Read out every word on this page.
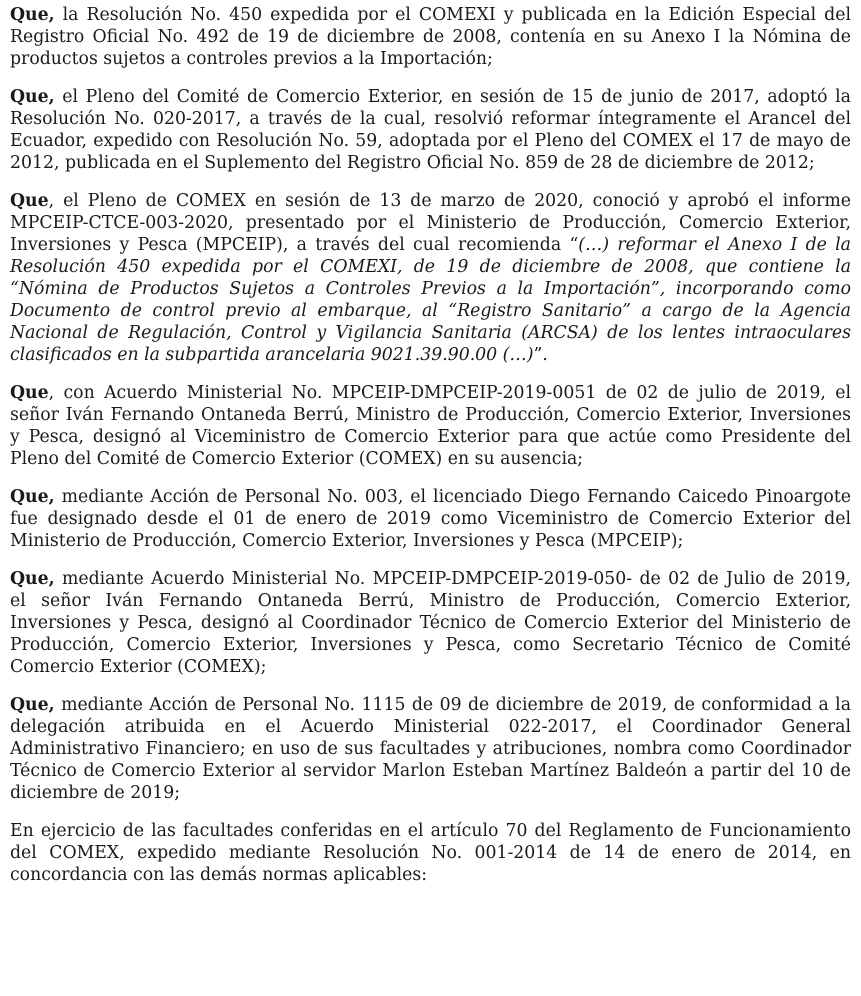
Que, la Resolución No. 450 expedida por el COMEXI y publicada en la Edición Especial del Registro Oficial No. 492 de 19 de diciembre de 2008, contenía en su Anexo I la Nómina de productos sujetos a controles previos a la Importación;

Que, el Pleno del Comité de Comercio Exterior, en sesión de 15 de junio de 2017, adoptó la Resolución No. 020-2017, a través de la cual, resolvió reformar íntegramente el Arancel del Ecuador, expedido con Resolución No. 59, adoptada por el Pleno del COMEX el 17 de mayo de 2012, publicada en el Suplemento del Registro Oficial No. 859 de 28 de diciembre de 2012;

Que, el Pleno de COMEX en sesión de 13 de marzo de 2020, conoció y aprobó el informe MPCEIP-CTCE-003-2020, presentado por el Ministerio de Producción, Comercio Exterior, Inversiones y Pesca (MPCEIP), a través del cual recomienda “(…) reformar el Anexo I de la Resolución 450 expedida por el COMEXI, de 19 de diciembre de 2008, que contiene la “Nómina de Productos Sujetos a Controles Previos a la Importación”, incorporando como Documento de control previo al embarque, al “Registro Sanitario” a cargo de la Agencia Nacional de Regulación, Control y Vigilancia Sanitaria (ARCSA) de los lentes intraoculares clasificados en la subpartida arancelaria 9021.39.90.00 (…)”.

Que, con Acuerdo Ministerial No. MPCEIP-DMPCEIP-2019-0051 de 02 de julio de 2019, el señor Iván Fernando Ontaneda Berrú, Ministro de Producción, Comercio Exterior, Inversiones y Pesca, designó al Viceministro de Comercio Exterior para que actúe como Presidente del Pleno del Comité de Comercio Exterior (COMEX) en su ausencia;

Que, mediante Acción de Personal No. 003, el licenciado Diego Fernando Caicedo Pinoargote fue designado desde el 01 de enero de 2019 como Viceministro de Comercio Exterior del Ministerio de Producción, Comercio Exterior, Inversiones y Pesca (MPCEIP);

Que, mediante Acuerdo Ministerial No. MPCEIP-DMPCEIP-2019-050- de 02 de Julio de 2019, el señor Iván Fernando Ontaneda Berrú, Ministro de Producción, Comercio Exterior, Inversiones y Pesca, designó al Coordinador Técnico de Comercio Exterior del Ministerio de Producción, Comercio Exterior, Inversiones y Pesca, como Secretario Técnico de Comité Comercio Exterior (COMEX);

Que, mediante Acción de Personal No. 1115 de 09 de diciembre de 2019, de conformidad a la delegación atribuida en el Acuerdo Ministerial 022-2017, el Coordinador General Administrativo Financiero; en uso de sus facultades y atribuciones, nombra como Coordinador Técnico de Comercio Exterior al servidor Marlon Esteban Martínez Baldeón a partir del 10 de diciembre de 2019;

En ejercicio de las facultades conferidas en el artículo 70 del Reglamento de Funcionamiento del COMEX, expedido mediante Resolución No. 001-2014 de 14 de enero de 2014, en concordancia con las demás normas aplicables:
